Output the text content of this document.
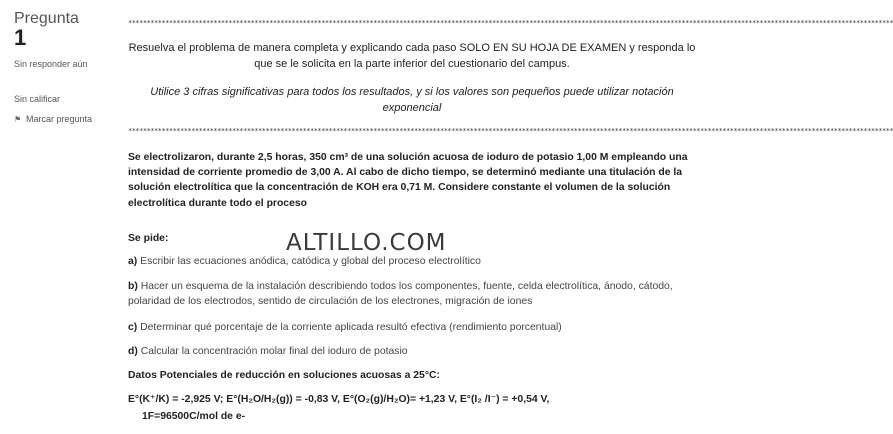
Pregunta
1
Sin responder aún
Sin calificar
⚑ Marcar pregunta
**************************************************************************************************************************************************************************************************************
Resuelva el problema de manera completa y explicando cada paso SOLO EN SU HOJA DE EXAMEN y responda lo que se le solicita en la parte inferior del cuestionario del campus.
Utilice 3 cifras significativas para todos los resultados, y si los valores son pequeños puede utilizar notación exponencial
**************************************************************************************************************************************************************************************************************
Se electrolizaron, durante 2,5 horas, 350 cm³ de una solución acuosa de ioduro de potasio 1,00 M empleando una intensidad de corriente promedio de 3,00 A. Al cabo de dicho tiempo, se determinó mediante una titulación de la solución electrolítica que la concentración de KOH era 0,71 M. Considere constante el volumen de la solución electrolítica durante todo el proceso
Se pide:
a) Escribir las ecuaciones anódica, catódica y global del proceso electrolítico
b) Hacer un esquema de la instalación describiendo todos los componentes, fuente, celda electrolítica, ánodo, cátodo, polaridad de los electrodos, sentido de circulación de los electrones, migración de iones
c) Determinar qué porcentaje de la corriente aplicada resultó efectiva (rendimiento porcentual)
d) Calcular la concentración molar final del ioduro de potasio
Datos Potenciales de reducción en soluciones acuosas a 25°C:
E°(K⁺/K) = -2,925 V; E°(H₂O/H₂(g)) = -0,83 V, E°(O₂(g)/H₂O)= +1,23 V, E°(I₂ /I⁻) = +0,54 V,
1F=96500C/mol de e-
ALTILLO.COM
